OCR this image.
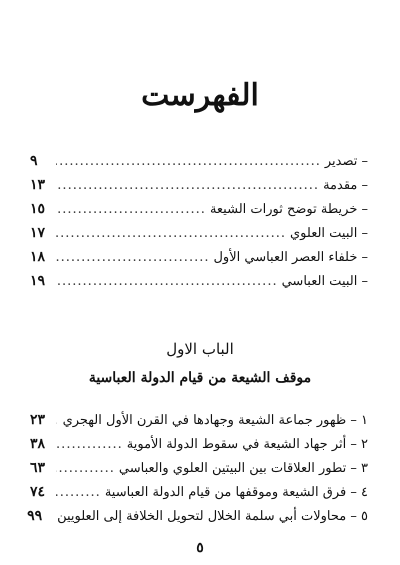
الفهرست
– تصدير
.....
٩
– مقدمة
.....
١٣
– خريطة توضح ثورات الشيعة
.....
١٥
– البيت العلوي
.....
١٧
– خلفاء العصر العباسي الأول
.....
١٨
– البيت العباسي
.....
١٩
الباب الاول
موقف الشيعة من قيام الدولة العباسية
١ – ظهور جماعة الشيعة وجهادها في القرن الأول الهجري
.....
٢٣
٢ – أثر جهاد الشيعة في سقوط الدولة الأموية
.....
٣٨
٣ – تطور العلاقات بين البيتين العلوي والعباسي
.....
٦٣
٤ – فرق الشيعة وموقفها من قيام الدولة العباسية
.....
٧٤
٥ – محاولات أبي سلمة الخلال لتحويل الخلافة إلى العلويين
٩٩
٥
